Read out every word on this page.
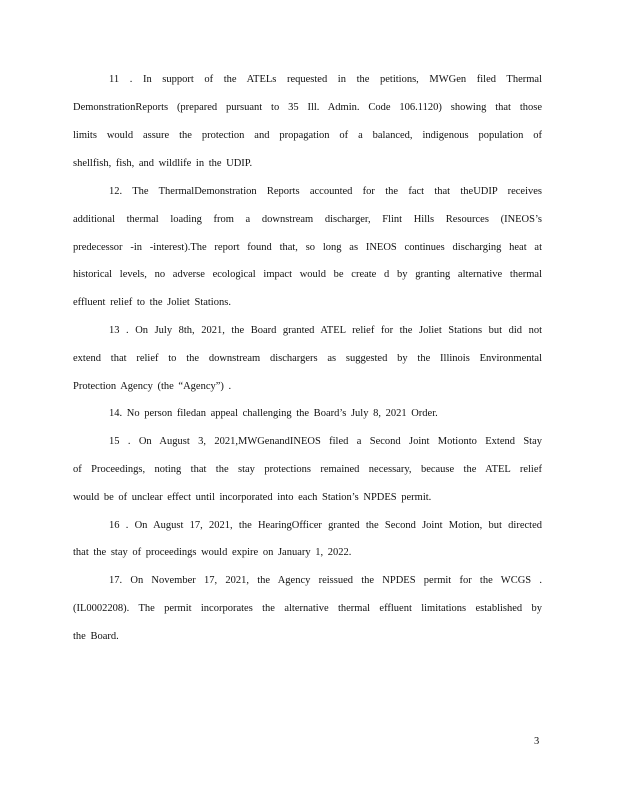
11 . In support of the ATELs requested in the petitions, MWGen filed Thermal
DemonstrationReports (prepared pursuant to 35 Ill. Admin. Code 106.1120) showing that those
limits would assure the protection and propagation of a balanced, indigenous population of
shellfish, fish, and wildlife in the UDIP.
12. The ThermalDemonstration Reports accounted for the fact that theUDIP receives
additional thermal loading from a downstream discharger, Flint Hills Resources (INEOS’s
predecessor -in -interest).The report found that, so long as INEOS continues discharging heat at
historical levels, no adverse ecological impact would be create d by granting alternative thermal
effluent relief to the Joliet Stations.
13 . On July 8th, 2021, the Board granted ATEL relief for the Joliet Stations but did not
extend that relief to the downstream dischargers as suggested by the Illinois Environmental
Protection Agency (the “Agency”) .
14. No person filedan appeal challenging the Board’s July 8, 2021 Order.
15 . On August 3, 2021,MWGenandINEOS filed a Second Joint Motionto Extend Stay
of Proceedings, noting that the stay protections remained necessary, because the ATEL relief
would be of unclear effect until incorporated into each Station’s NPDES permit.
16 . On August 17, 2021, the HearingOfficer granted the Second Joint Motion, but directed
that the stay of proceedings would expire on January 1, 2022.
17. On November 17, 2021, the Agency reissued the NPDES permit for the WCGS .
(IL0002208). The permit incorporates the alternative thermal effluent limitations established by
the Board.
3
